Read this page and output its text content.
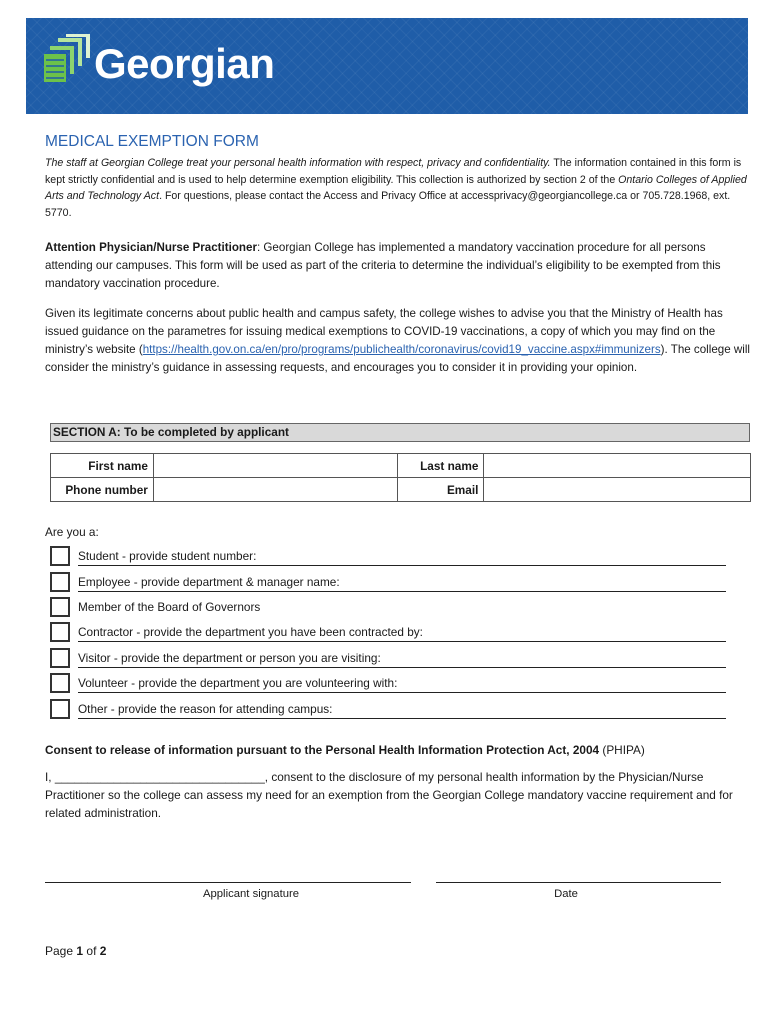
Georgian
MEDICAL EXEMPTION FORM
The staff at Georgian College treat your personal health information with respect, privacy and confidentiality. The information contained in this form is kept strictly confidential and is used to help determine exemption eligibility. This collection is authorized by section 2 of the Ontario Colleges of Applied Arts and Technology Act. For questions, please contact the Access and Privacy Office at accessprivacy@georgiancollege.ca or 705.728.1968, ext. 5770.
Attention Physician/Nurse Practitioner: Georgian College has implemented a mandatory vaccination procedure for all persons attending our campuses. This form will be used as part of the criteria to determine the individual’s eligibility to be exempted from this mandatory vaccination procedure.
Given its legitimate concerns about public health and campus safety, the college wishes to advise you that the Ministry of Health has issued guidance on the parametres for issuing medical exemptions to COVID-19 vaccinations, a copy of which you may find on the ministry’s website (https://health.gov.on.ca/en/pro/programs/publichealth/coronavirus/covid19_vaccine.aspx#immunizers). The college will consider the ministry’s guidance in assessing requests, and encourages you to consider it in providing your opinion.
SECTION A: To be completed by applicant
First name		Last name	
Phone number		Email	
Are you a:
Student - provide student number:
Employee - provide department & manager name:
Member of the Board of Governors
Contractor - provide the department you have been contracted by:
Visitor - provide the department or person you are visiting:
Volunteer - provide the department you are volunteering with:
Other - provide the reason for attending campus:
Consent to release of information pursuant to the Personal Health Information Protection Act, 2004 (PHIPA)
I, ________________________________, consent to the disclosure of my personal health information by the Physician/Nurse Practitioner so the college can assess my need for an exemption from the Georgian College mandatory vaccine requirement and for related administration.
Applicant signature	Date
Page 1 of 2
